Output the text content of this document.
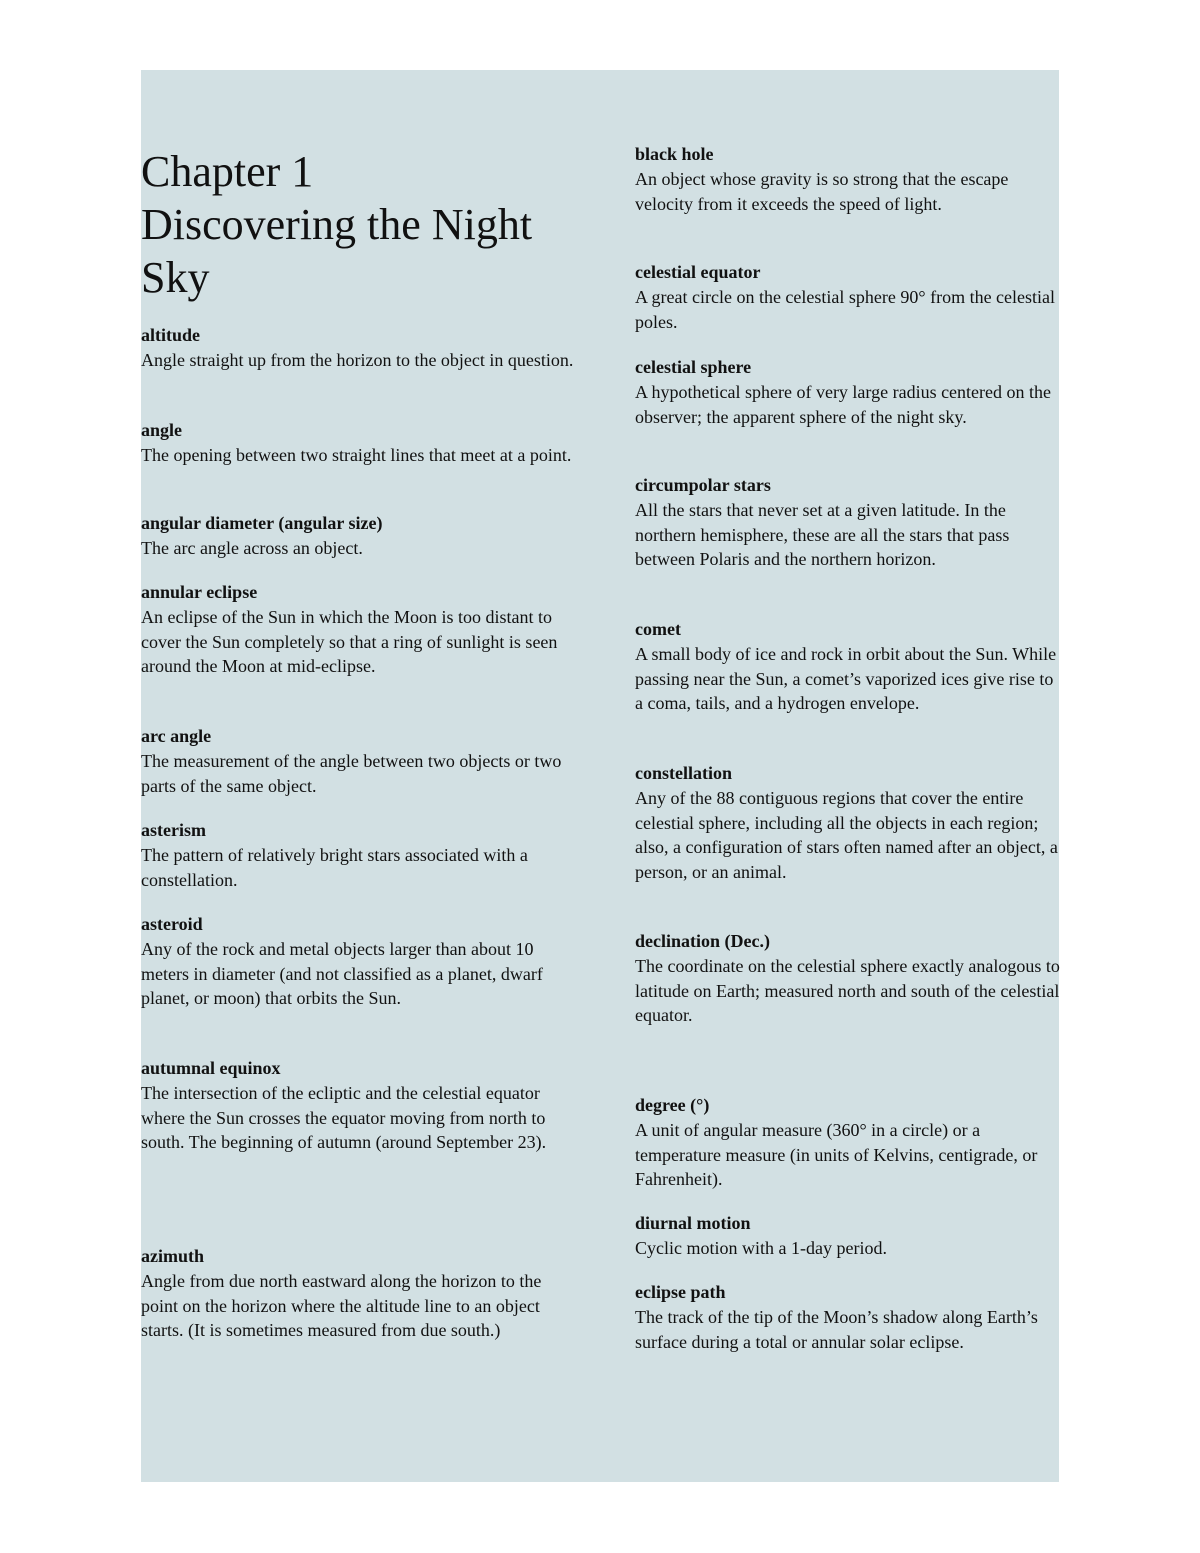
Chapter 1
Discovering the Night Sky

altitude

Angle straight up from the horizon to the object in question.

angle

The opening between two straight lines that meet at a point.

angular diameter (angular size)

The arc angle across an object.

annular eclipse

An eclipse of the Sun in which the Moon is too distant to cover the Sun completely so that a ring of sunlight is seen around the Moon at mid-eclipse.

arc angle

The measurement of the angle between two objects or two parts of the same object.

asterism

The pattern of relatively bright stars associated with a constellation.

asteroid

Any of the rock and metal objects larger than about 10 meters in diameter (and not classified as a planet, dwarf planet, or moon) that orbits the Sun.

autumnal equinox

The intersection of the ecliptic and the celestial equator where the Sun crosses the equator moving from north to south. The beginning of autumn (around September 23).

azimuth

Angle from due north eastward along the horizon to the point on the horizon where the altitude line to an object starts. (It is sometimes measured from due south.)

black hole

An object whose gravity is so strong that the escape velocity from it exceeds the speed of light.

celestial equator

A great circle on the celestial sphere 90° from the celestial poles.

celestial sphere

A hypothetical sphere of very large radius centered on the observer; the apparent sphere of the night sky.

circumpolar stars

All the stars that never set at a given latitude. In the northern hemisphere, these are all the stars that pass between Polaris and the northern horizon.

comet

A small body of ice and rock in orbit about the Sun. While passing near the Sun, a comet’s vaporized ices give rise to a coma, tails, and a hydrogen envelope.

constellation

Any of the 88 contiguous regions that cover the entire celestial sphere, including all the objects in each region; also, a configuration of stars often named after an object, a person, or an animal.

declination (Dec.)

The coordinate on the celestial sphere exactly analogous to latitude on Earth; measured north and south of the celestial equator.

degree (°)

A unit of angular measure (360° in a circle) or a temperature measure (in units of Kelvins, centigrade, or Fahrenheit).

diurnal motion

Cyclic motion with a 1-day period.

eclipse path

The track of the tip of the Moon’s shadow along Earth’s surface during a total or annular solar eclipse.
